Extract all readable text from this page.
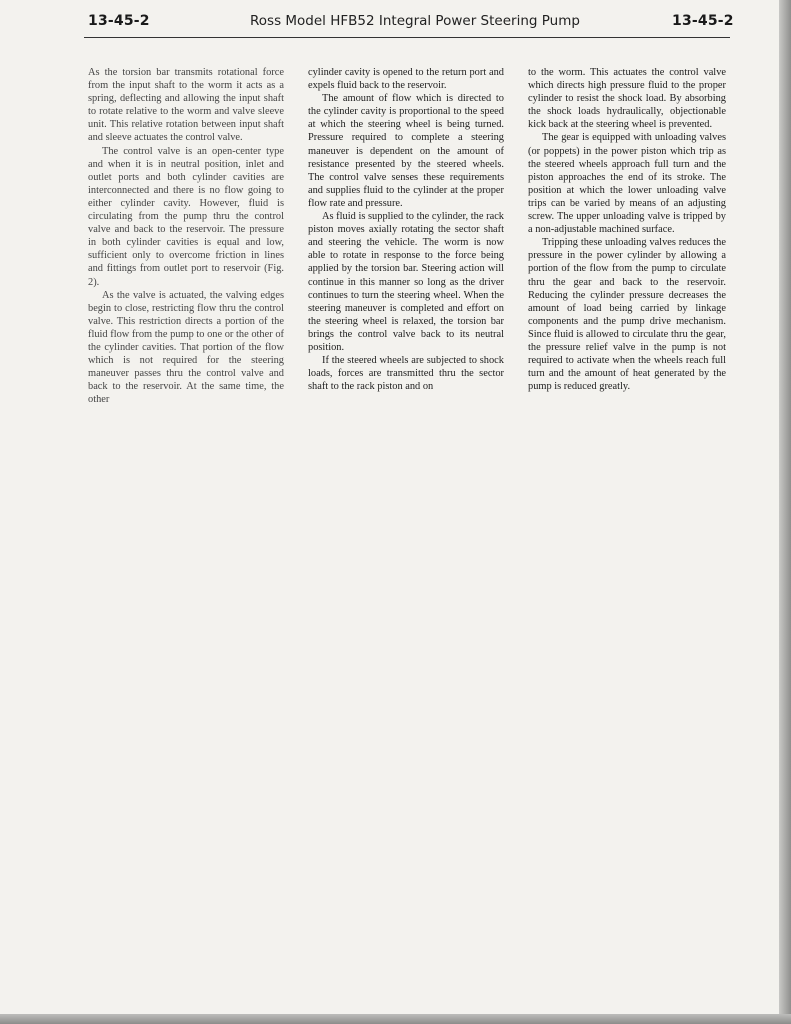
13-45-2	Ross Model HFB52 Integral Power Steering Pump	13-45-2

As the torsion bar transmits rotational force from the input shaft to the worm it acts as a spring, deflecting and allowing the input shaft to rotate relative to the worm and valve sleeve unit. This relative rotation between input shaft and sleeve actuates the control valve.

The control valve is an open-center type and when it is in neutral position, inlet and outlet ports and both cylinder cavities are interconnected and there is no flow going to either cylinder cavity. However, fluid is circulating from the pump thru the control valve and back to the reservoir. The pressure in both cylinder cavities is equal and low, sufficient only to overcome friction in lines and fittings from outlet port to reservoir (Fig. 2).

As the valve is actuated, the valving edges begin to close, restricting flow thru the control valve. This restriction directs a portion of the fluid flow from the pump to one or the other of the cylinder cavities. That portion of the flow which is not required for the steering maneuver passes thru the control valve and back to the reservoir. At the same time, the other

cylinder cavity is opened to the return port and expels fluid back to the reservoir.

The amount of flow which is directed to the cylinder cavity is proportional to the speed at which the steering wheel is being turned. Pressure required to complete a steering maneuver is dependent on the amount of resistance presented by the steered wheels. The control valve senses these requirements and supplies fluid to the cylinder at the proper flow rate and pressure.

As fluid is supplied to the cylinder, the rack piston moves axially rotating the sector shaft and steering the vehicle. The worm is now able to rotate in response to the force being applied by the torsion bar. Steering action will continue in this manner so long as the driver continues to turn the steering wheel. When the steering maneuver is completed and effort on the steering wheel is relaxed, the torsion bar brings the control valve back to its neutral position.

If the steered wheels are subjected to shock loads, forces are transmitted thru the sector shaft to the rack piston and on

to the worm. This actuates the control valve which directs high pressure fluid to the proper cylinder to resist the shock load. By absorbing the shock loads hydraulically, objectionable kick back at the steering wheel is prevented.

The gear is equipped with unloading valves (or poppets) in the power piston which trip as the steered wheels approach full turn and the piston approaches the end of its stroke. The position at which the lower unloading valve trips can be varied by means of an adjusting screw. The upper unloading valve is tripped by a non-adjustable machined surface.

Tripping these unloading valves reduces the pressure in the power cylinder by allowing a portion of the flow from the pump to circulate thru the gear and back to the reservoir. Reducing the cylinder pressure decreases the amount of load being carried by linkage components and the pump drive mechanism. Since fluid is allowed to circulate thru the gear, the pressure relief valve in the pump is not required to activate when the wheels reach full turn and the amount of heat generated by the pump is reduced greatly.
